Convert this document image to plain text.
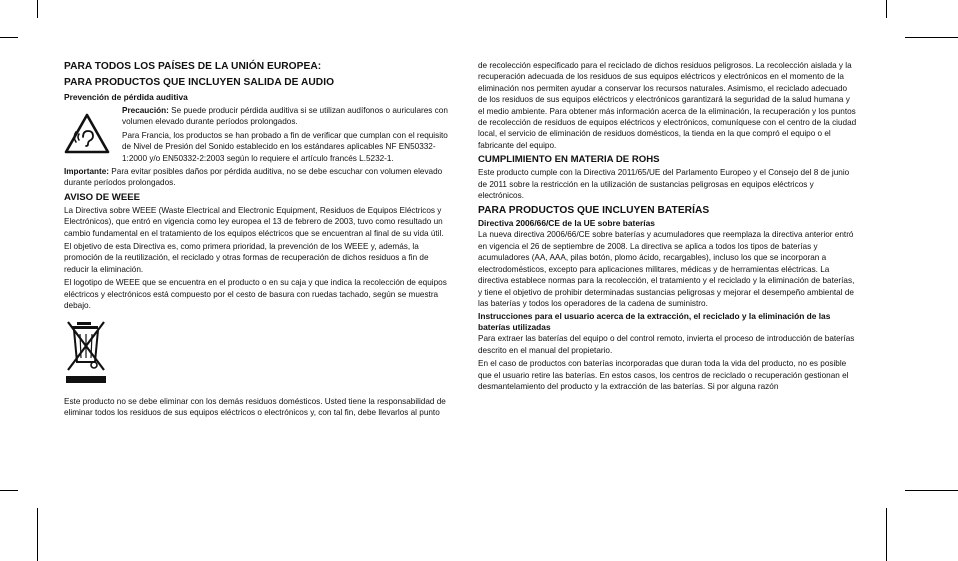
PARA TODOS LOS PAÍSES DE LA UNIÓN EUROPEA:
PARA PRODUCTOS QUE INCLUYEN SALIDA DE AUDIO
Prevención de pérdida auditiva

Precaución: Se puede producir pérdida auditiva si se utilizan audífonos o auriculares con volumen elevado durante períodos prolongados.

Para Francia, los productos se han probado a fin de verificar que cumplan con el requisito de Nivel de Presión del Sonido establecido en los estándares aplicables NF EN50332-1:2000 y/o EN50332-2:2003 según lo requiere el artículo francés L.5232-1.

Importante: Para evitar posibles daños por pérdida auditiva, no se debe escuchar con volumen elevado durante períodos prolongados.

AVISO DE WEEE

La Directiva sobre WEEE (Waste Electrical and Electronic Equipment, Residuos de Equipos Eléctricos y Electrónicos), que entró en vigencia como ley europea el 13 de febrero de 2003, tuvo como resultado un cambio fundamental en el tratamiento de los equipos eléctricos que se encuentran al final de su vida útil.

El objetivo de esta Directiva es, como primera prioridad, la prevención de los WEEE y, además, la promoción de la reutilización, el reciclado y otras formas de recuperación de dichos residuos a fin de reducir la eliminación.

El logotipo de WEEE que se encuentra en el producto o en su caja y que indica la recolección de equipos eléctricos y electrónicos está compuesto por el cesto de basura con ruedas tachado, según se muestra debajo.

Este producto no se debe eliminar con los demás residuos domésticos. Usted tiene la responsabilidad de eliminar todos los residuos de sus equipos eléctricos o electrónicos y, con tal fin, debe llevarlos al punto

de recolección especificado para el reciclado de dichos residuos peligrosos. La recolección aislada y la recuperación adecuada de los residuos de sus equipos eléctricos y electrónicos en el momento de la eliminación nos permiten ayudar a conservar los recursos naturales. Asimismo, el reciclado adecuado de los residuos de sus equipos eléctricos y electrónicos garantizará la seguridad de la salud humana y el medio ambiente. Para obtener más información acerca de la eliminación, la recuperación y los puntos de recolección de residuos de equipos eléctricos y electrónicos, comuníquese con el centro de la ciudad local, el servicio de eliminación de residuos domésticos, la tienda en la que compró el equipo o el fabricante del equipo.

CUMPLIMIENTO EN MATERIA DE ROHS

Este producto cumple con la Directiva 2011/65/UE del Parlamento Europeo y el Consejo del 8 de junio de 2011 sobre la restricción en la utilización de sustancias peligrosas en equipos eléctricos y electrónicos.

PARA PRODUCTOS QUE INCLUYEN BATERÍAS
Directiva 2006/66/CE de la UE sobre baterías

La nueva directiva 2006/66/CE sobre baterías y acumuladores que reemplaza la directiva anterior entró en vigencia el 26 de septiembre de 2008. La directiva se aplica a todos los tipos de baterías y acumuladores (AA, AAA, pilas botón, plomo ácido, recargables), incluso los que se incorporan a electrodomésticos, excepto para aplicaciones militares, médicas y de herramientas eléctricas. La directiva establece normas para la recolección, el tratamiento y el reciclado y la eliminación de baterías, y tiene el objetivo de prohibir determinadas sustancias peligrosas y mejorar el desempeño ambiental de las baterías y todos los operadores de la cadena de suministro.

Instrucciones para el usuario acerca de la extracción, el reciclado y la eliminación de las baterías utilizadas

Para extraer las baterías del equipo o del control remoto, invierta el proceso de introducción de baterías descrito en el manual del propietario.

En el caso de productos con baterías incorporadas que duran toda la vida del producto, no es posible que el usuario retire las baterías. En estos casos, los centros de reciclado o recuperación gestionan el desmantelamiento del producto y la extracción de las baterías. Si por alguna razón
